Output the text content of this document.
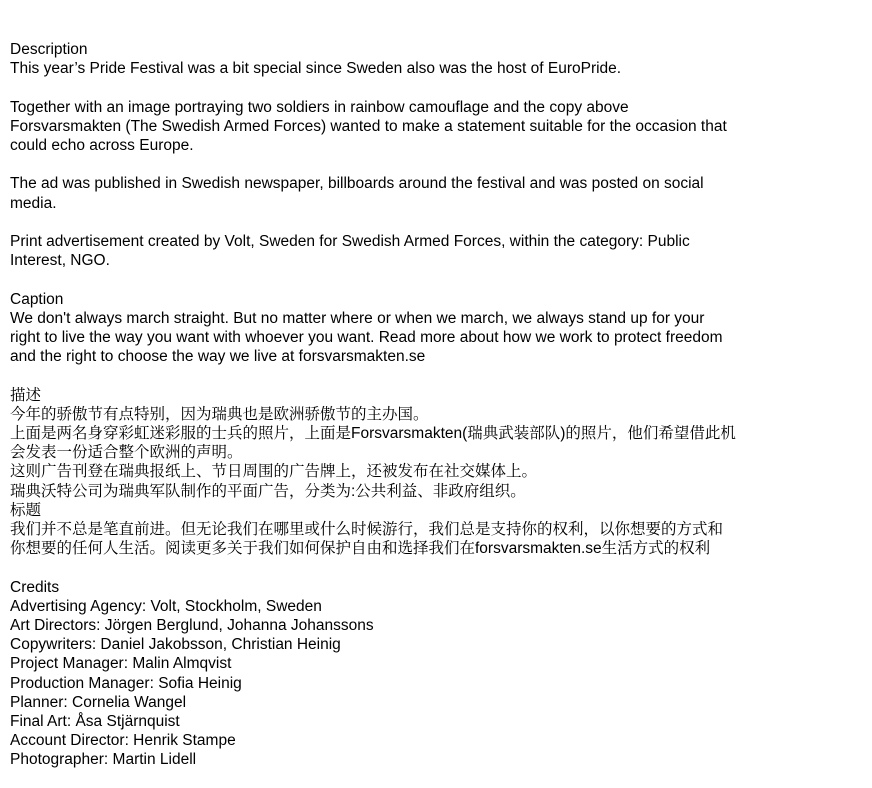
Description
This year’s Pride Festival was a bit special since Sweden also was the host of EuroPride.
Together with an image portraying two soldiers in rainbow camouflage and the copy above
Forsvarsmakten (The Swedish Armed Forces) wanted to make a statement suitable for the occasion that
could echo across Europe.
The ad was published in Swedish newspaper, billboards around the festival and was posted on social
media.
Print advertisement created by Volt, Sweden for Swedish Armed Forces, within the category: Public
Interest, NGO.
Caption
We don't always march straight. But no matter where or when we march, we always stand up for your
right to live the way you want with whoever you want. Read more about how we work to protect freedom
and the right to choose the way we live at forsvarsmakten.se
描述
今年的骄傲节有点特别，因为瑞典也是欧洲骄傲节的主办国。
上面是两名身穿彩虹迷彩服的士兵的照片，上面是Forsvarsmakten(瑞典武装部队)的照片，他们希望借此机
会发表一份适合整个欧洲的声明。
这则广告刊登在瑞典报纸上、节日周围的广告牌上，还被发布在社交媒体上。
瑞典沃特公司为瑞典军队制作的平面广告，分类为:公共利益、非政府组织。
标题
我们并不总是笔直前进。但无论我们在哪里或什么时候游行，我们总是支持你的权利，以你想要的方式和
你想要的任何人生活。阅读更多关于我们如何保护自由和选择我们在forsvarsmakten.se生活方式的权利
Credits
Advertising Agency: Volt, Stockholm, Sweden
Art Directors: Jörgen Berglund, Johanna Johanssons
Copywriters: Daniel Jakobsson, Christian Heinig
Project Manager: Malin Almqvist
Production Manager: Sofia Heinig
Planner: Cornelia Wangel
Final Art: Åsa Stjärnquist
Account Director: Henrik Stampe
Photographer: Martin Lidell
